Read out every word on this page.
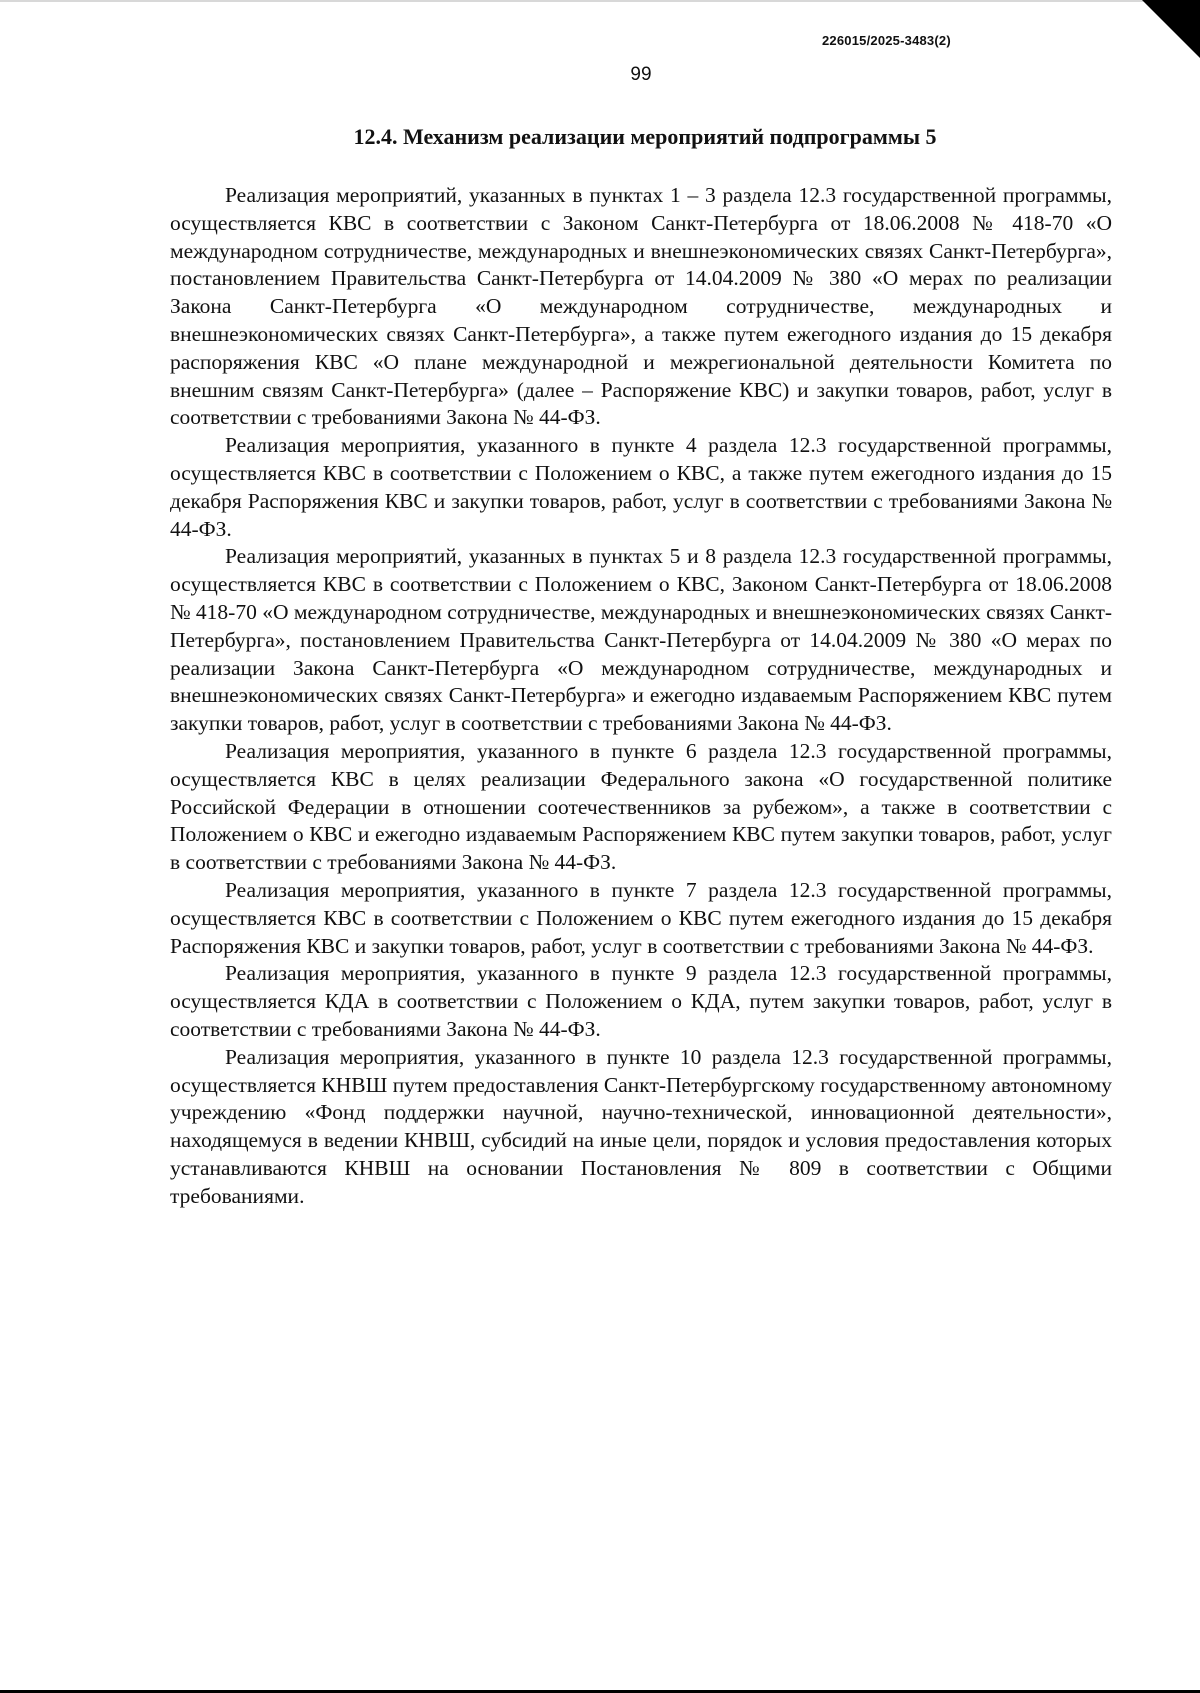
226015/2025-3483(2)
99
12.4. Механизм реализации мероприятий подпрограммы 5

Реализация мероприятий, указанных в пунктах 1 – 3 раздела 12.3 государственной программы, осуществляется КВС в соответствии с Законом Санкт-Петербурга от 18.06.2008 № 418-70 «О международном сотрудничестве, международных и внешнеэкономических связях Санкт-Петербурга», постановлением Правительства Санкт-Петербурга от 14.04.2009 № 380 «О мерах по реализации Закона Санкт-Петербурга «О международном сотрудничестве, международных и внешнеэкономических связях Санкт-Петербурга», а также путем ежегодного издания до 15 декабря распоряжения КВС «О плане международной и межрегиональной деятельности Комитета по внешним связям Санкт-Петербурга» (далее – Распоряжение КВС) и закупки товаров, работ, услуг в соответствии с требованиями Закона № 44-ФЗ.

Реализация мероприятия, указанного в пункте 4 раздела 12.3 государственной программы, осуществляется КВС в соответствии с Положением о КВС, а также путем ежегодного издания до 15 декабря Распоряжения КВС и закупки товаров, работ, услуг в соответствии с требованиями Закона № 44-ФЗ.

Реализация мероприятий, указанных в пунктах 5 и 8 раздела 12.3 государственной программы, осуществляется КВС в соответствии с Положением о КВС, Законом Санкт-Петербурга от 18.06.2008 № 418-70 «О международном сотрудничестве, международных и внешнеэкономических связях Санкт-Петербурга», постановлением Правительства Санкт-Петербурга от 14.04.2009 № 380 «О мерах по реализации Закона Санкт-Петербурга «О международном сотрудничестве, международных и внешнеэкономических связях Санкт-Петербурга» и ежегодно издаваемым Распоряжением КВС путем закупки товаров, работ, услуг в соответствии с требованиями Закона № 44-ФЗ.

Реализация мероприятия, указанного в пункте 6 раздела 12.3 государственной программы, осуществляется КВС в целях реализации Федерального закона «О государственной политике Российской Федерации в отношении соотечественников за рубежом», а также в соответствии с Положением о КВС и ежегодно издаваемым Распоряжением КВС путем закупки товаров, работ, услуг в соответствии с требованиями Закона № 44-ФЗ.

Реализация мероприятия, указанного в пункте 7 раздела 12.3 государственной программы, осуществляется КВС в соответствии с Положением о КВС путем ежегодного издания до 15 декабря Распоряжения КВС и закупки товаров, работ, услуг в соответствии с требованиями Закона № 44-ФЗ.

Реализация мероприятия, указанного в пункте 9 раздела 12.3 государственной программы, осуществляется КДА в соответствии с Положением о КДА, путем закупки товаров, работ, услуг в соответствии с требованиями Закона № 44-ФЗ.

Реализация мероприятия, указанного в пункте 10 раздела 12.3 государственной программы, осуществляется КНВШ путем предоставления Санкт-Петербургскому государственному автономному учреждению «Фонд поддержки научной, научно-технической, инновационной деятельности», находящемуся в ведении КНВШ, субсидий на иные цели, порядок и условия предоставления которых устанавливаются КНВШ на основании Постановления № 809 в соответствии с Общими требованиями.
